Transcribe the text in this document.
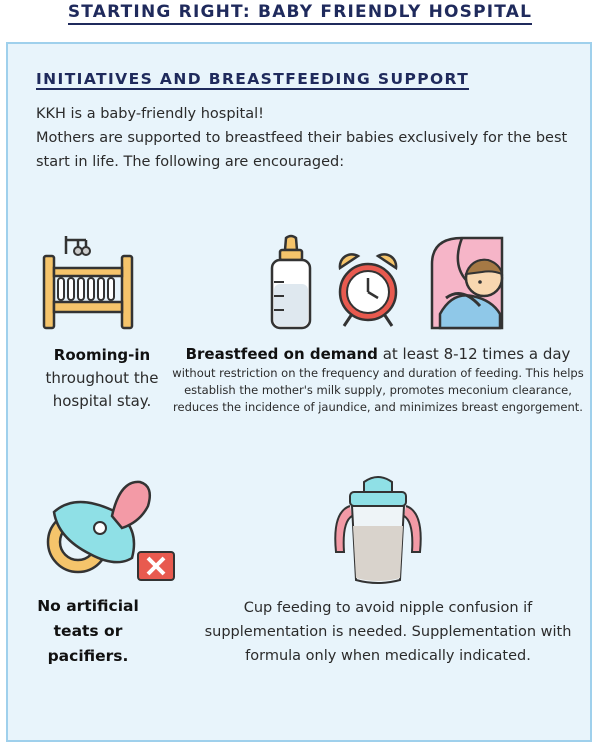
STARTING RIGHT: BABY FRIENDLY HOSPITAL
INITIATIVES AND BREASTFEEDING SUPPORT

KKH is a baby-friendly hospital!

Mothers are supported to breastfeed their babies exclusively for the best start in life. The following are encouraged:

Rooming-in
throughout the hospital stay.
Breastfeed on demand at least 8-12 times a day
without restriction on the frequency and duration of feeding. This helps establish the mother's milk supply, promotes meconium clearance, reduces the incidence of jaundice, and minimizes breast engorgement.
No artificial teats or pacifiers.
Cup feeding to avoid nipple confusion if supplementation is needed. Supplementation with formula only when medically indicated.
